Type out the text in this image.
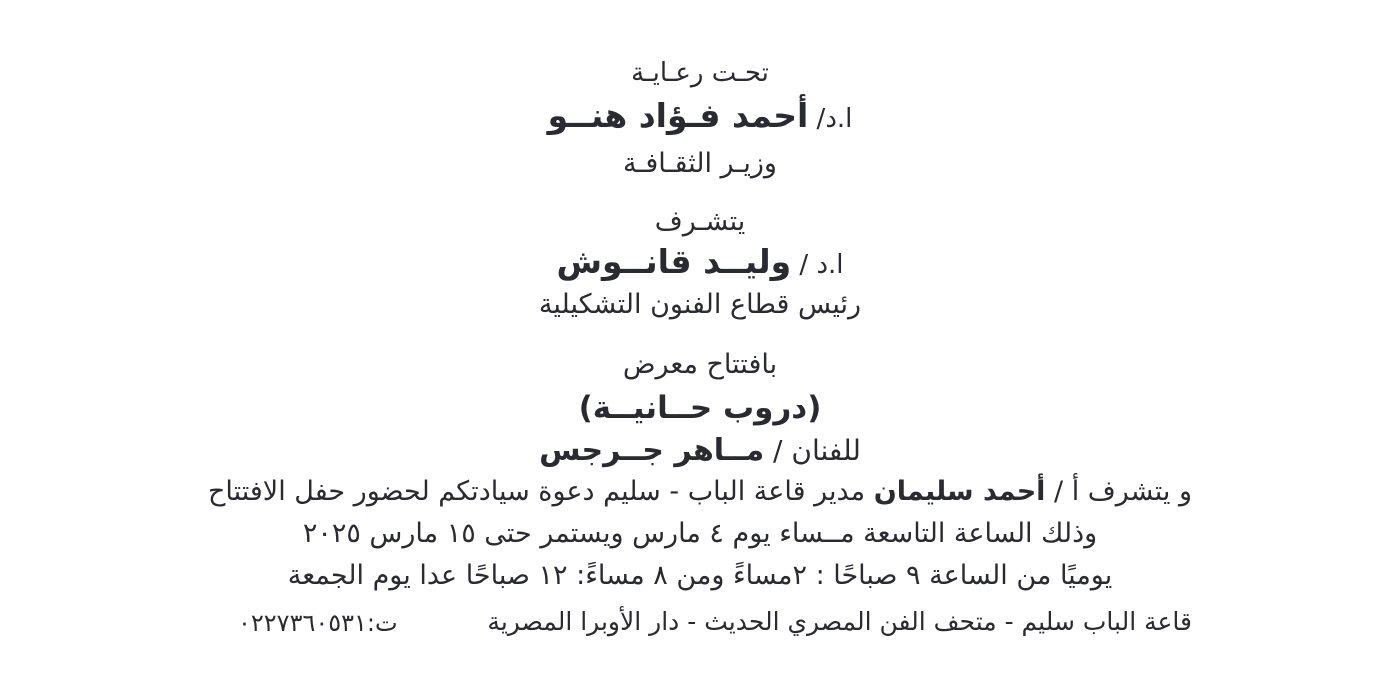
تحـت رعـايـة
ا.د/ أحمد فـؤاد هنــو
وزيـر الثقـافـة
يتشـرف
ا.د / وليــد قانــوش
رئيس قطاع الفنون التشكيلية
بافتتاح معرض
(دروب حــانيــة)
للفنان / مــاهر جــرجس
و يتشرف أ / أحمد سليمان مدير قاعة الباب - سليم دعوة سيادتكم لحضور حفل الافتتاح
وذلك الساعة التاسعة مــساء يوم ٤ مارس ويستمر حتى ١٥ مارس ٢٠٢٥
يوميًا من الساعة ٩ صباحًا : ٢مساءً ومن ٨ مساءً: ١٢ صباحًا عدا يوم الجمعة
قاعة الباب سليم - متحف الفن المصري الحديث - دار الأوبرا المصرية
ت:٠٢٢٧٣٦٠٥٣١
